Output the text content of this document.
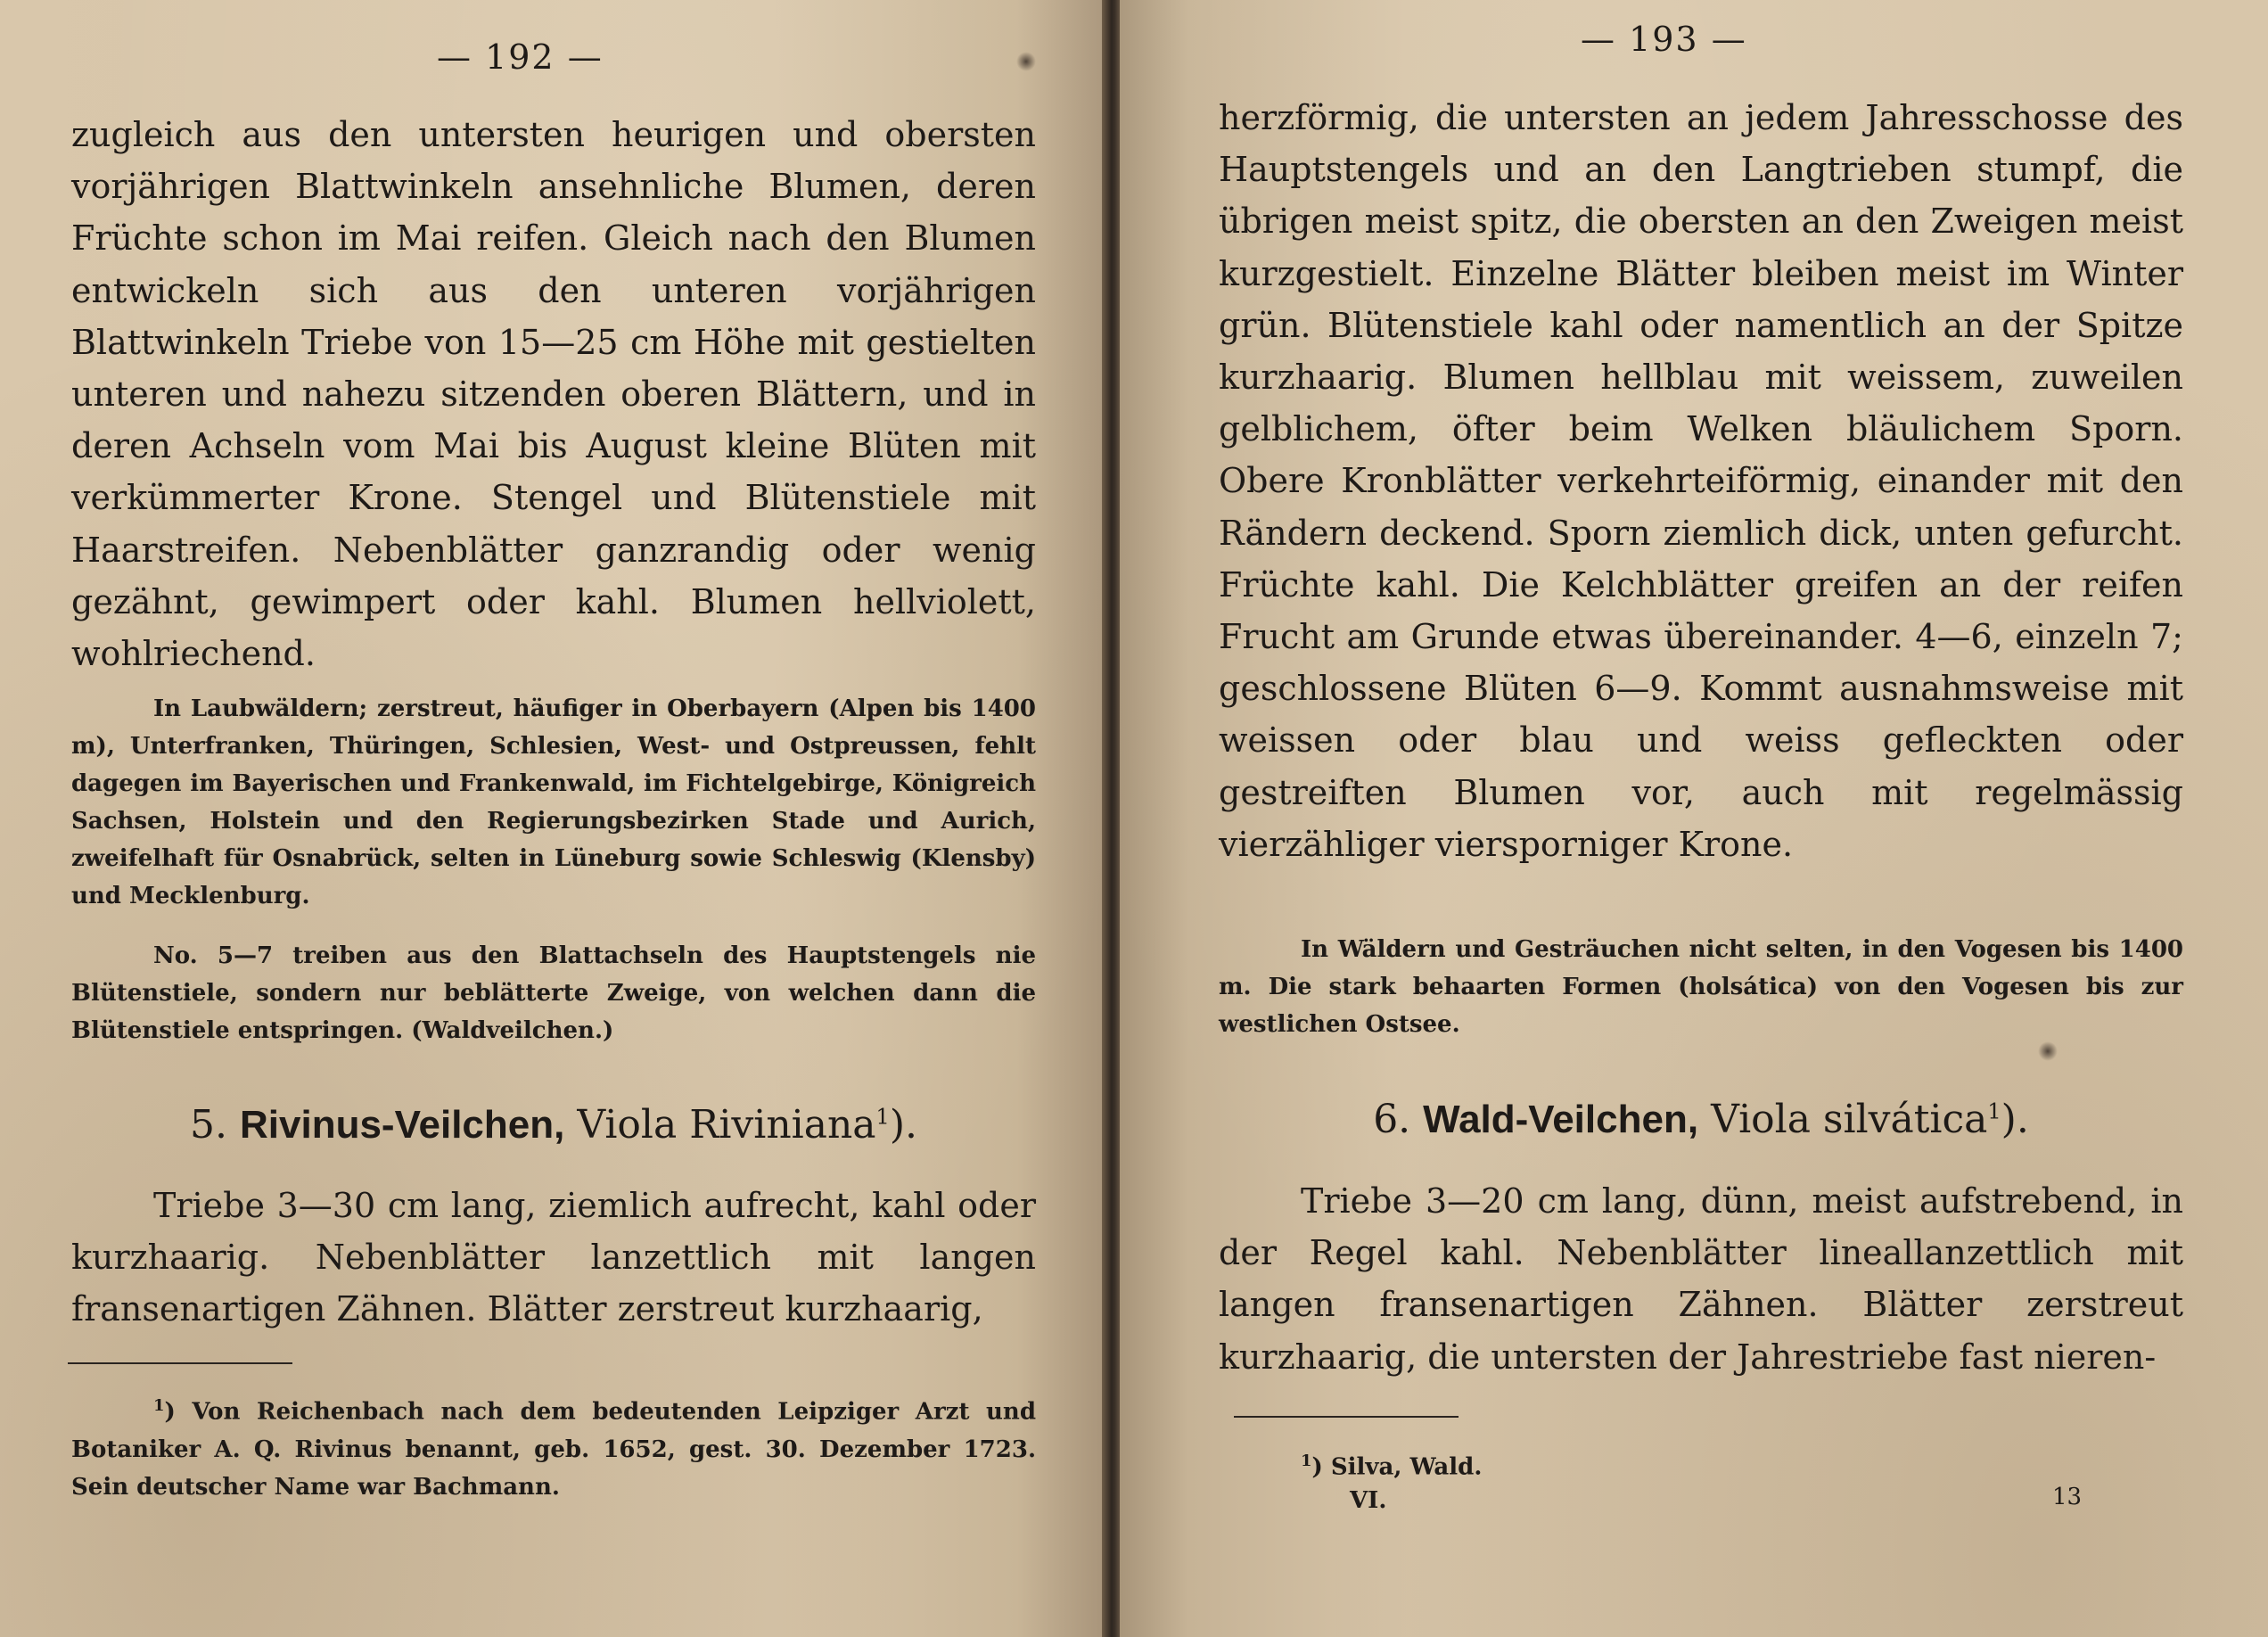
— 192 —

zugleich aus den untersten heurigen und obersten vorjährigen Blattwinkeln ansehnliche Blumen, deren Früchte schon im Mai reifen. Gleich nach den Blumen entwickeln sich aus den unteren vorjährigen Blattwinkeln Triebe von 15—25 cm Höhe mit gestielten unteren und nahezu sitzenden oberen Blättern, und in deren Achseln vom Mai bis August kleine Blüten mit verkümmerter Krone. Stengel und Blütenstiele mit Haarstreifen. Nebenblätter ganzrandig oder wenig gezähnt, gewimpert oder kahl. Blumen hellviolett, wohlriechend.

In Laubwäldern; zerstreut, häufiger in Oberbayern (Alpen bis 1400 m), Unterfranken, Thüringen, Schlesien, West- und Ostpreussen, fehlt dagegen im Bayerischen und Frankenwald, im Fichtelgebirge, Königreich Sachsen, Holstein und den Regierungsbezirken Stade und Aurich, zweifelhaft für Osnabrück, selten in Lüneburg sowie Schleswig (Klensby) und Mecklenburg.

No. 5—7 treiben aus den Blattachseln des Hauptstengels nie Blütenstiele, sondern nur beblätterte Zweige, von welchen dann die Blütenstiele entspringen. (Waldveilchen.)

5. Rivinus-Veilchen, Viola Riviniana$^1$).

Triebe 3—30 cm lang, ziemlich aufrecht, kahl oder kurzhaarig. Nebenblätter lanzettlich mit langen fransenartigen Zähnen. Blätter zerstreut kurzhaarig,

$^1$) Von Reichenbach nach dem bedeutenden Leipziger Arzt und Botaniker A. Q. Rivinus benannt, geb. 1652, gest. 30. Dezember 1723. Sein deutscher Name war Bachmann.

— 193 —

herzförmig, die untersten an jedem Jahresschosse des Hauptstengels und an den Langtrieben stumpf, die übrigen meist spitz, die obersten an den Zweigen meist kurzgestielt. Einzelne Blätter bleiben meist im Winter grün. Blütenstiele kahl oder namentlich an der Spitze kurzhaarig. Blumen hellblau mit weissem, zuweilen gelblichem, öfter beim Welken bläulichem Sporn. Obere Kronblätter verkehrteiförmig, einander mit den Rändern deckend. Sporn ziemlich dick, unten gefurcht. Früchte kahl. Die Kelchblätter greifen an der reifen Frucht am Grunde etwas übereinander. 4—6, einzeln 7; geschlossene Blüten 6—9. Kommt ausnahmsweise mit weissen oder blau und weiss gefleckten oder gestreiften Blumen vor, auch mit regelmässig vierzähliger viersporniger Krone.

In Wäldern und Gesträuchen nicht selten, in den Vogesen bis 1400 m. Die stark behaarten Formen (holsática) von den Vogesen bis zur westlichen Ostsee.

6. Wald-Veilchen, Viola silvática$^1$).

Triebe 3—20 cm lang, dünn, meist aufstrebend, in der Regel kahl. Nebenblätter lineallanzettlich mit langen fransenartigen Zähnen. Blätter zerstreut kurzhaarig, die untersten der Jahrestriebe fast nieren-

$^1$) Silva, Wald.

VI.	13
